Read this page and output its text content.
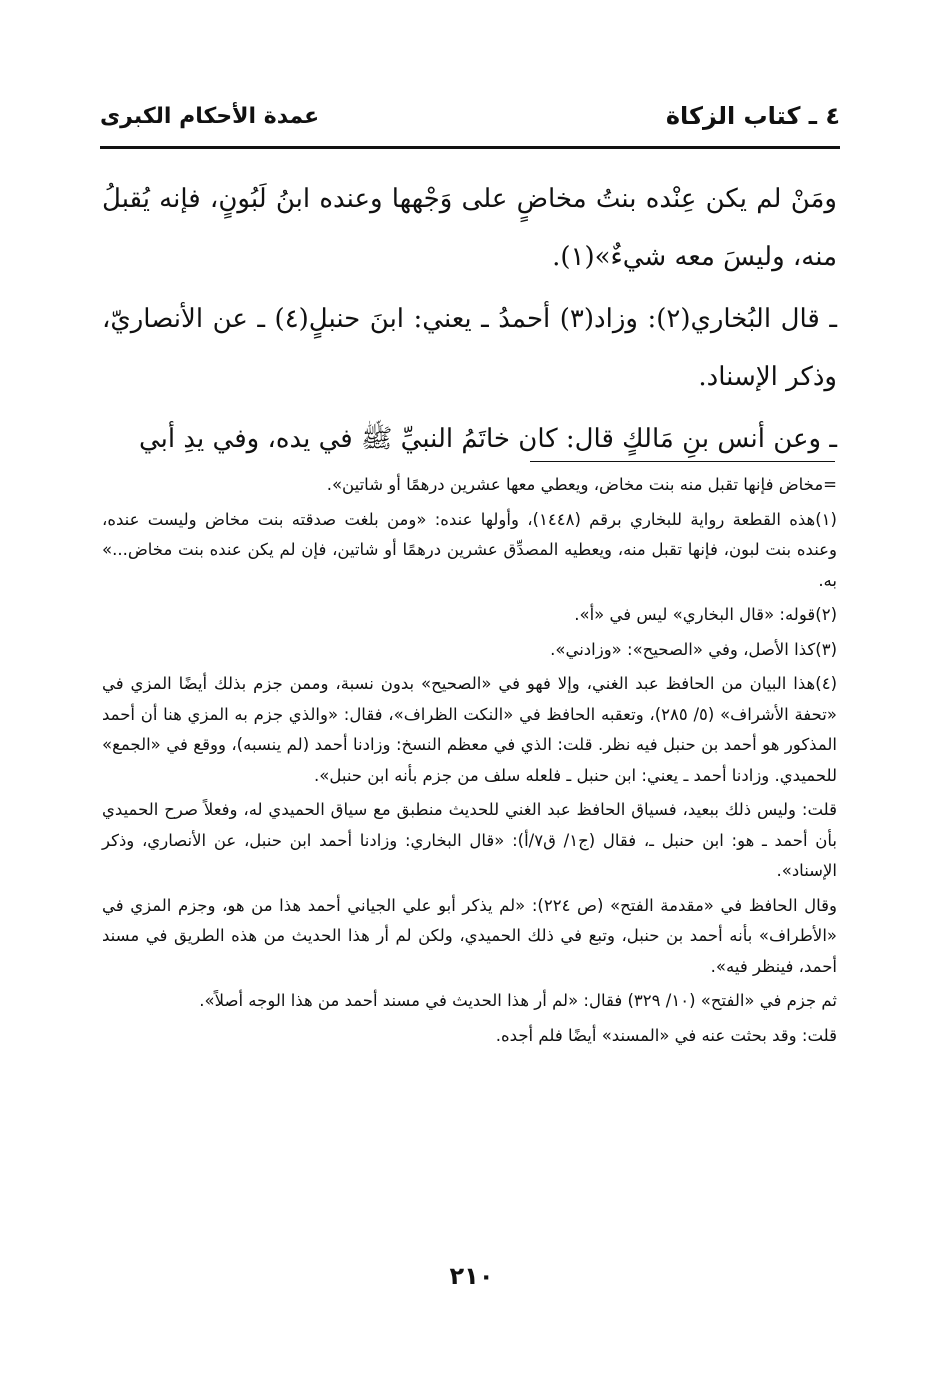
٤ ـ كتاب الزكاة
عمدة الأحكام الكبرى

ومَنْ لم يكن عِنْده بنتُ مخاضٍ على وَجْهها وعنده ابنُ لَبُونٍ، فإنه يُقبلُ منه، وليسَ معه شيءٌ»(١).

ـ قال البُخاري(٢): وزاد(٣) أحمدُ ـ يعني: ابنَ حنبلٍ(٤) ـ عن الأنصاريّ، وذكر الإسناد.

ـ وعن أنس بنِ مَالكٍ قال: كان خاتَمُ النبيِّ ﷺ في يده، وفي يدِ أبي

=مخاض فإنها تقبل منه بنت مخاض، ويعطي معها عشرين درهمًا أو شاتين».

(١)هذه القطعة رواية للبخاري برقم (١٤٤٨)، وأولها عنده: «ومن بلغت صدقته بنت مخاض وليست عنده، وعنده بنت لبون، فإنها تقبل منه، ويعطيه المصدِّق عشرين درهمًا أو شاتين، فإن لم يكن عنده بنت مخاض...» به.

(٢)قوله: «قال البخاري» ليس في «أ».

(٣)كذا الأصل، وفي «الصحيح»: «وزادني».

(٤)هذا البيان من الحافظ عبد الغني، وإلا فهو في «الصحيح» بدون نسبة، وممن جزم بذلك أيضًا المزي في «تحفة الأشراف» (٥/ ٢٨٥)، وتعقبه الحافظ في «النكت الظراف»، فقال: «والذي جزم به المزي هنا أن أحمد المذكور هو أحمد بن حنبل فيه نظر. قلت: الذي في معظم النسخ: وزادنا أحمد (لم ينسبه)، ووقع في «الجمع» للحميدي. وزادنا أحمد ـ يعني: ابن حنبل ـ فلعله سلف من جزم بأنه ابن حنبل».

قلت: وليس ذلك ببعيد، فسياق الحافظ عبد الغني للحديث منطبق مع سياق الحميدي له، وفعلاً صرح الحميدي بأن أحمد ـ هو: ابن حنبل ـ، فقال (ج١/ ق٧/أ): «قال البخاري: وزادنا أحمد ابن حنبل، عن الأنصاري، وذكر الإسناد».

وقال الحافظ في «مقدمة الفتح» (ص ٢٢٤): «لم يذكر أبو علي الجياني أحمد هذا من هو، وجزم المزي في «الأطراف» بأنه أحمد بن حنبل، وتبع في ذلك الحميدي، ولكن لم أر هذا الحديث من هذه الطريق في مسند أحمد، فينظر فيه».

ثم جزم في «الفتح» (١٠/ ٣٢٩) فقال: «لم أر هذا الحديث في مسند أحمد من هذا الوجه أصلاً».

قلت: وقد بحثت عنه في «المسند» أيضًا فلم أجده.

٢١٠
